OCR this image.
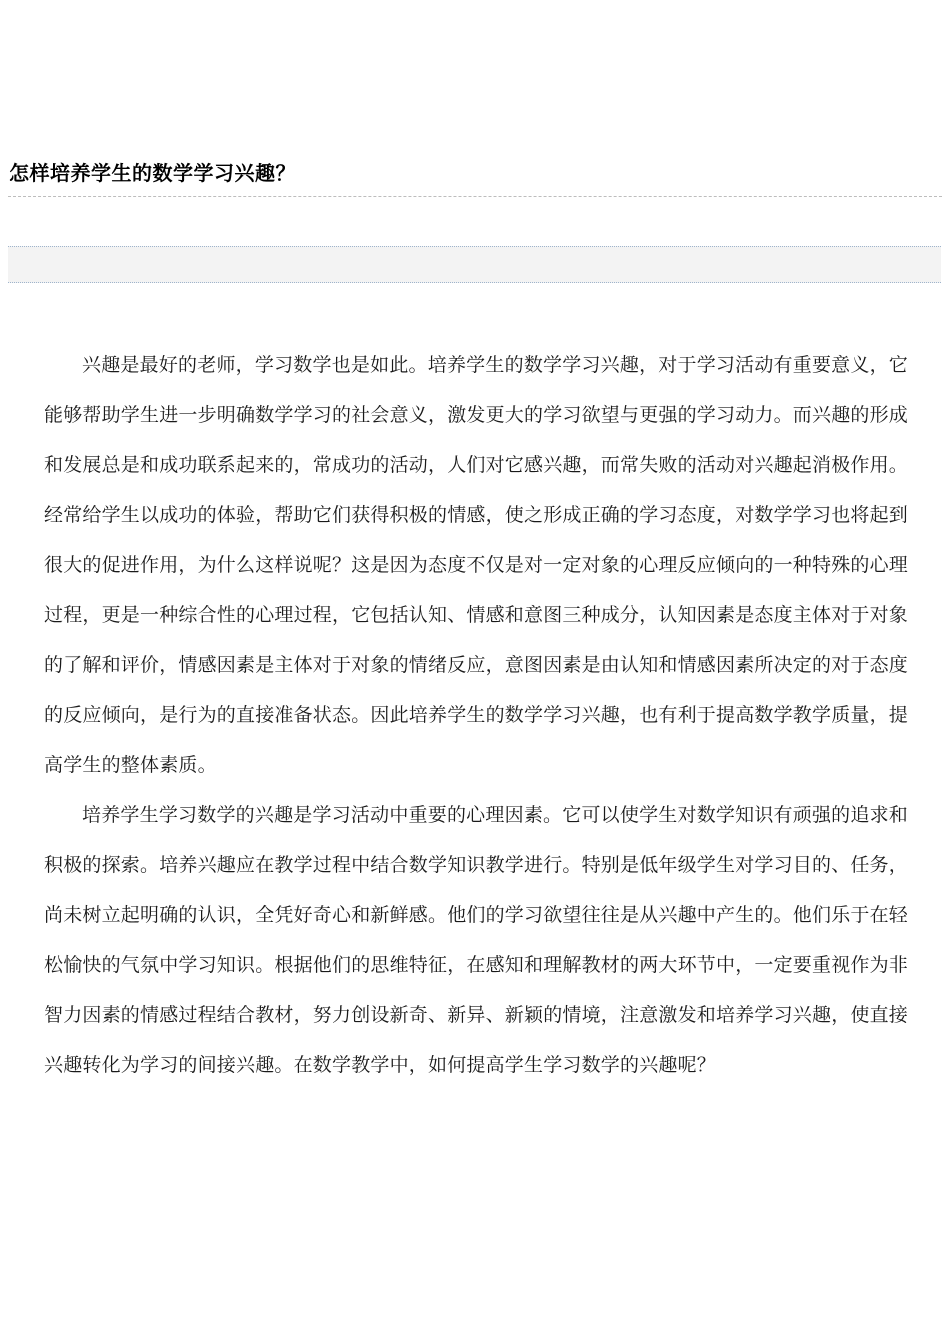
怎样培养学生的数学学习兴趣？

兴趣是最好的老师，学习数学也是如此。培养学生的数学学习兴趣，对于学习活动有重要意义，它能够帮助学生进一步明确数学学习的社会意义，激发更大的学习欲望与更强的学习动力。而兴趣的形成和发展总是和成功联系起来的，常成功的活动，人们对它感兴趣，而常失败的活动对兴趣起消极作用。经常给学生以成功的体验，帮助它们获得积极的情感，使之形成正确的学习态度，对数学学习也将起到很大的促进作用，为什么这样说呢？这是因为态度不仅是对一定对象的心理反应倾向的一种特殊的心理过程，更是一种综合性的心理过程，它包括认知、情感和意图三种成分，认知因素是态度主体对于对象的了解和评价，情感因素是主体对于对象的情绪反应，意图因素是由认知和情感因素所决定的对于态度的反应倾向，是行为的直接准备状态。因此培养学生的数学学习兴趣，也有利于提高数学教学质量，提高学生的整体素质。

培养学生学习数学的兴趣是学习活动中重要的心理因素。它可以使学生对数学知识有顽强的追求和积极的探索。培养兴趣应在教学过程中结合数学知识教学进行。特别是低年级学生对学习目的、任务，尚未树立起明确的认识，全凭好奇心和新鲜感。他们的学习欲望往往是从兴趣中产生的。他们乐于在轻松愉快的气氛中学习知识。根据他们的思维特征，在感知和理解教材的两大环节中，一定要重视作为非智力因素的情感过程结合教材，努力创设新奇、新异、新颖的情境，注意激发和培养学习兴趣，使直接兴趣转化为学习的间接兴趣。在数学教学中，如何提高学生学习数学的兴趣呢？
